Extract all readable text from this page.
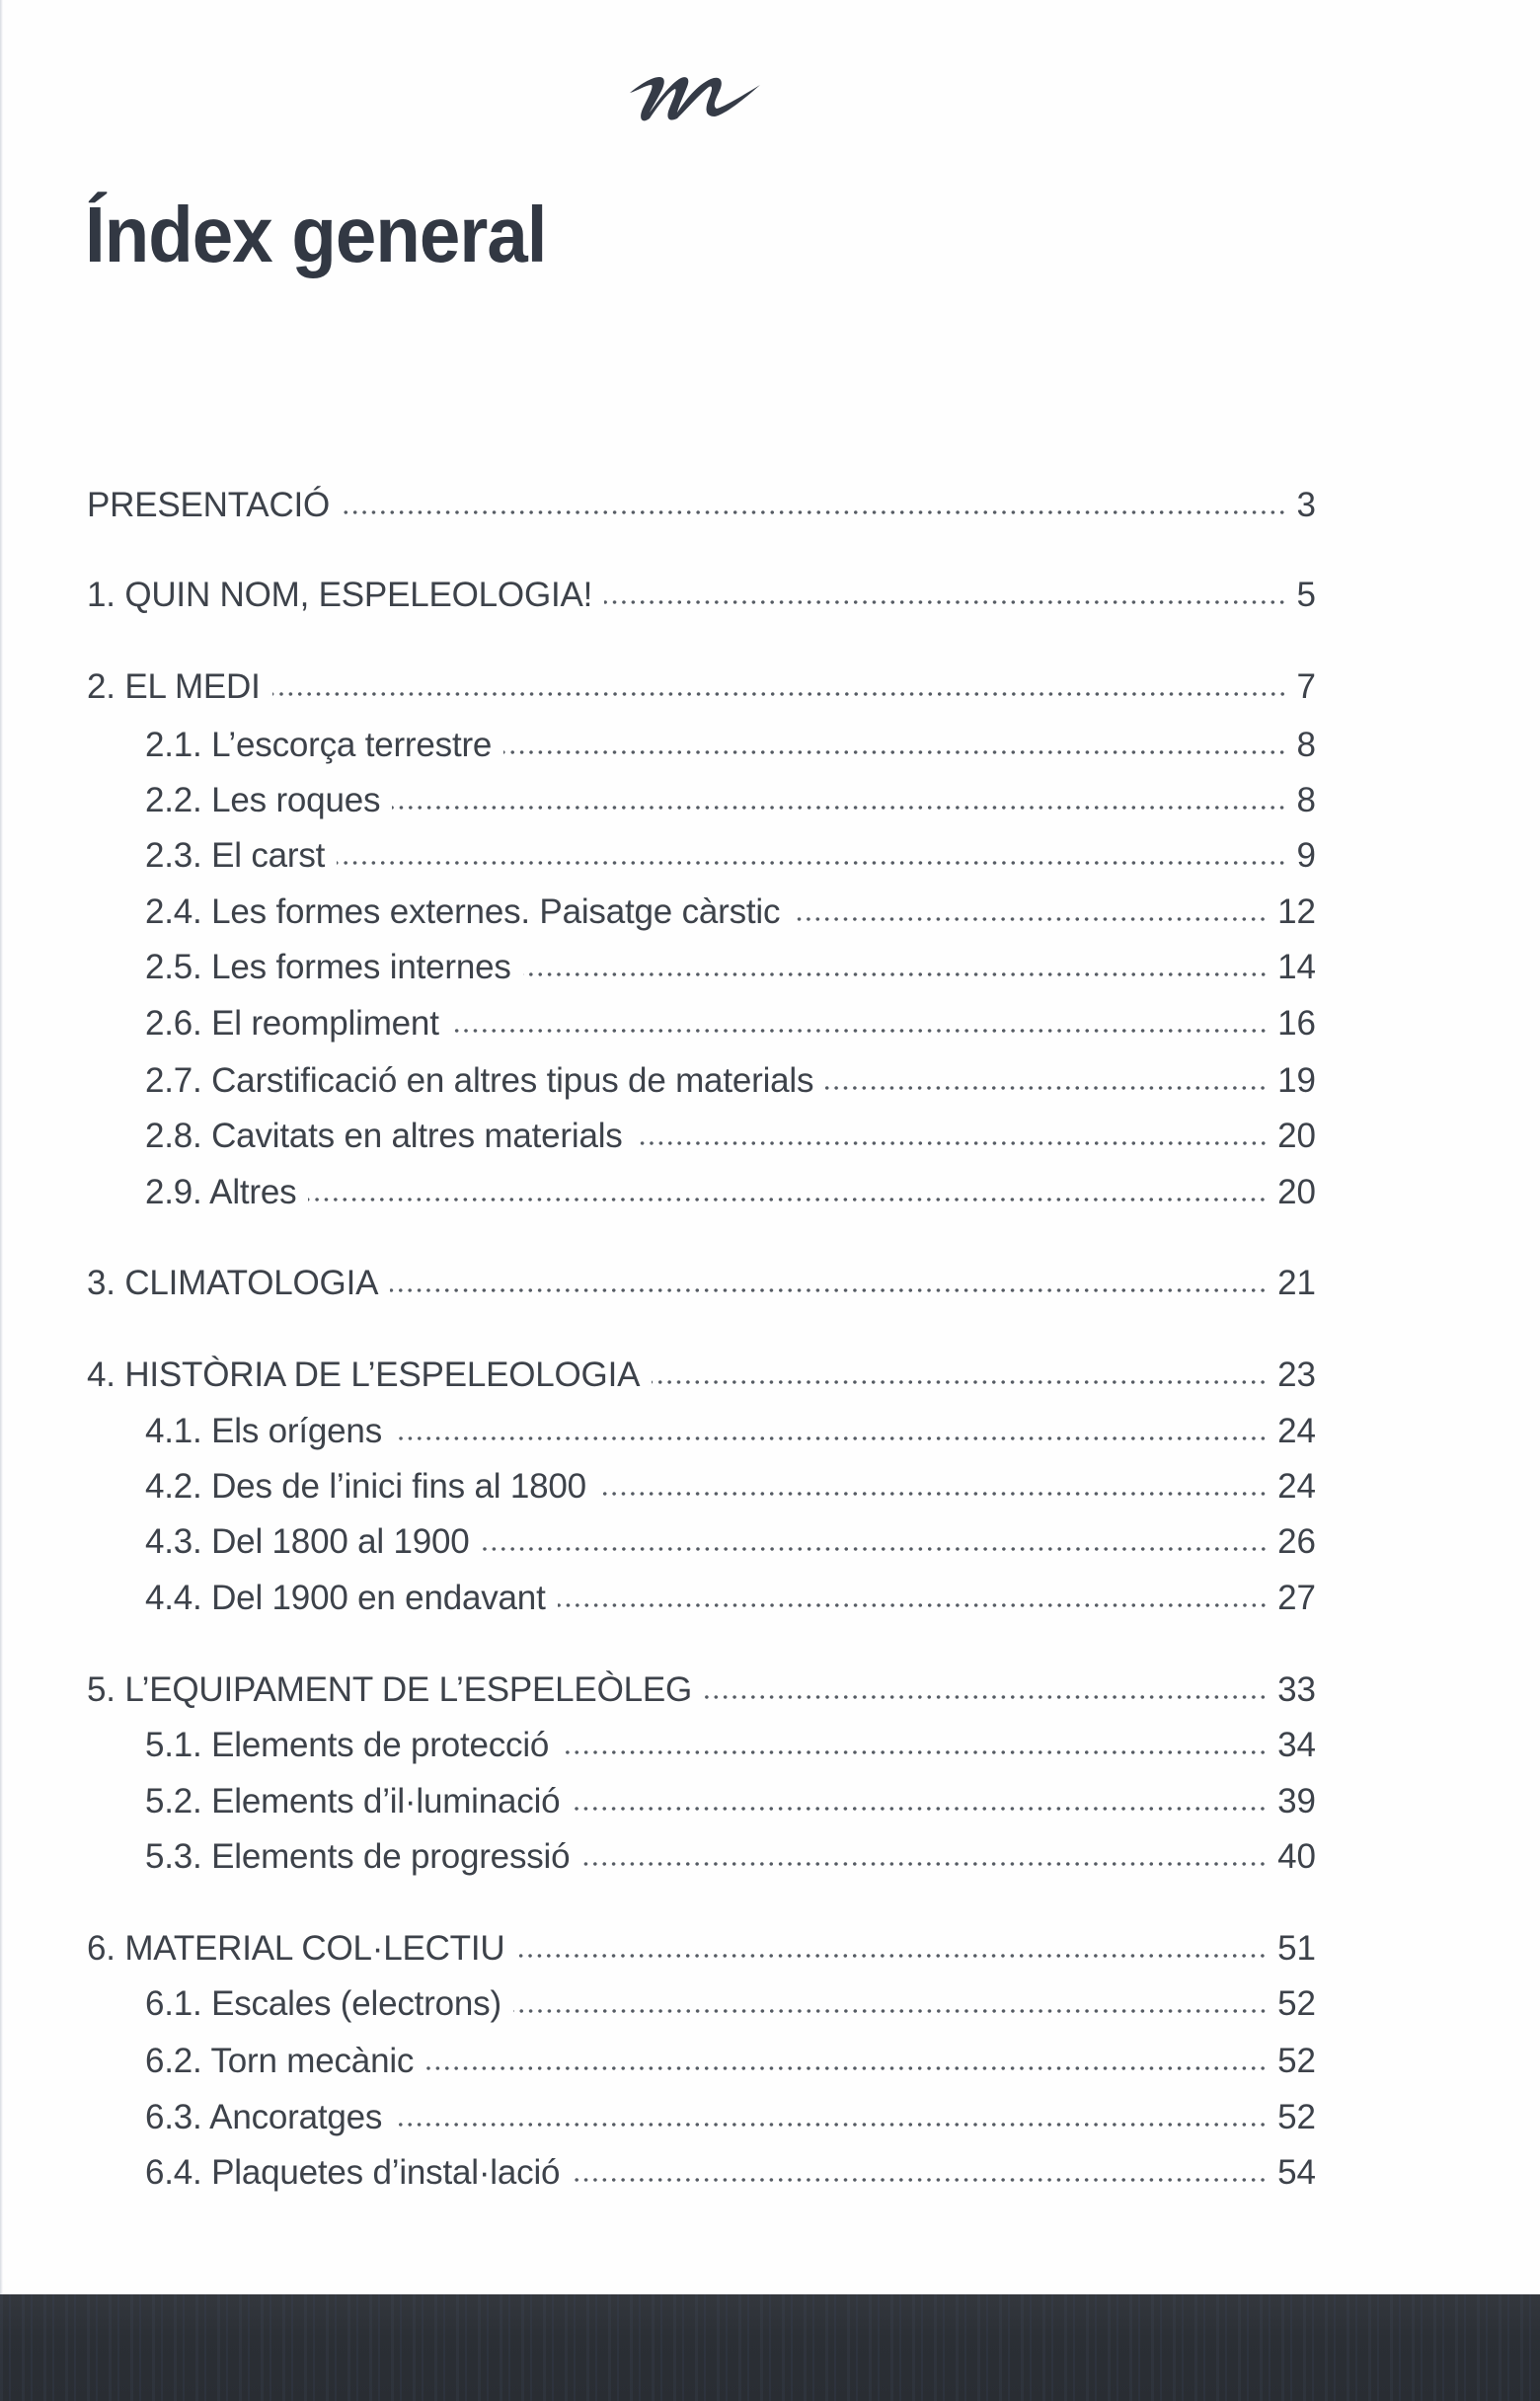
Índex general
PRESENTACIÓ	3
1. QUIN NOM, ESPELEOLOGIA!	5
2. EL MEDI	7
2.1. L’escorça terrestre	8
2.2. Les roques	8
2.3. El carst	9
2.4. Les formes externes. Paisatge càrstic	12
2.5. Les formes internes	14
2.6. El reompliment	16
2.7. Carstificació en altres tipus de materials	19
2.8. Cavitats en altres materials	20
2.9. Altres	20
3. CLIMATOLOGIA	21
4. HISTÒRIA DE L’ESPELEOLOGIA	23
4.1. Els orígens	24
4.2. Des de l’inici fins al 1800	24
4.3. Del 1800 al 1900	26
4.4. Del 1900 en endavant	27
5. L’EQUIPAMENT DE L’ESPELEÒLEG	33
5.1. Elements de protecció	34
5.2. Elements d’il·luminació	39
5.3. Elements de progressió	40
6. MATERIAL COL·LECTIU	51
6.1. Escales (electrons)	52
6.2. Torn mecànic	52
6.3. Ancoratges	52
6.4. Plaquetes d’instal·lació	54
